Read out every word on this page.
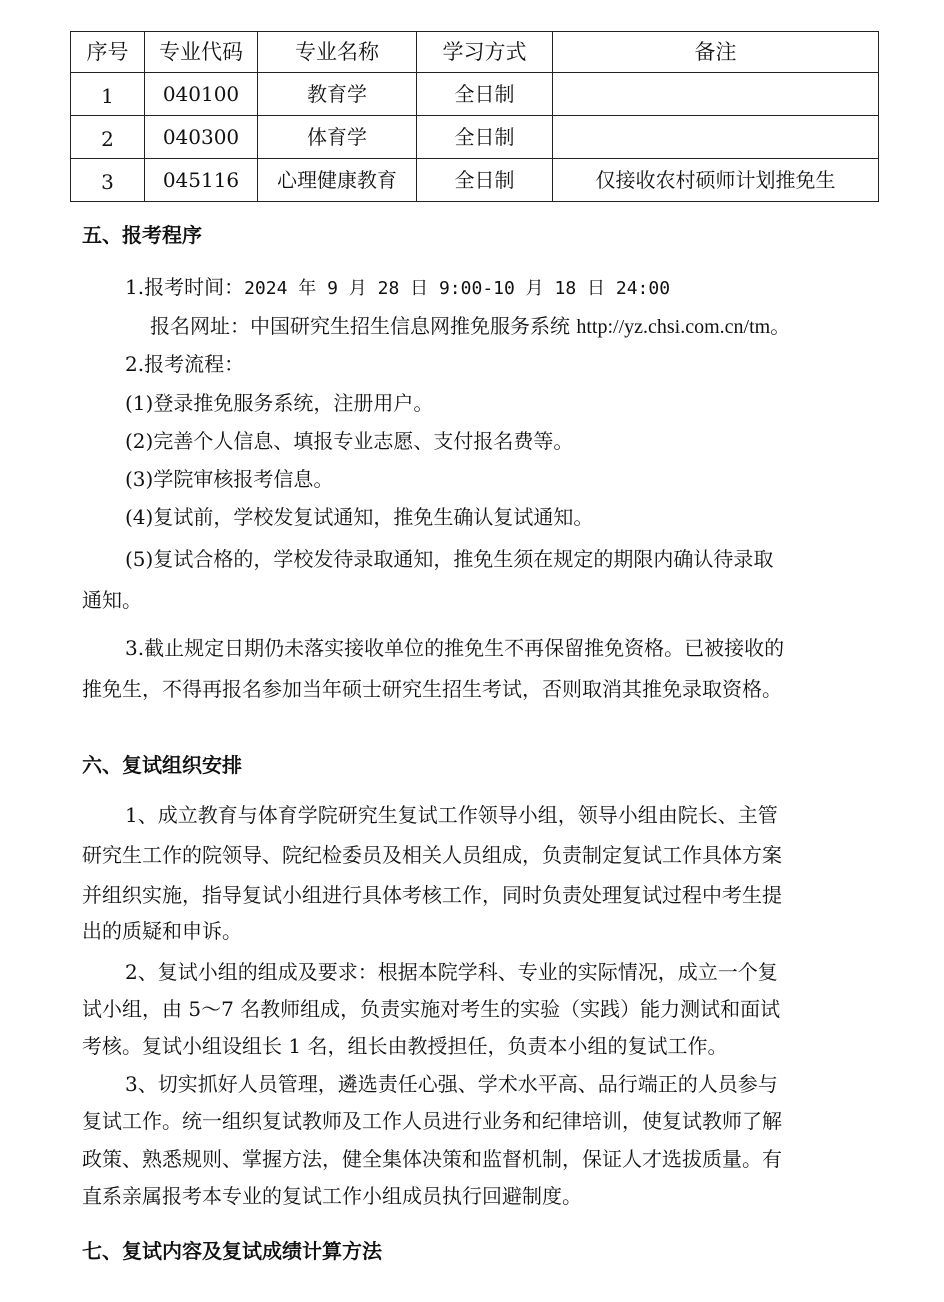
序号	专业代码	专业名称	学习方式	备注
1	040100	教育学	全日制	
2	040300	体育学	全日制	
3	045116	心理健康教育	全日制	仅接收农村硕师计划推免生
五、报考程序
1.报考时间：2024 年 9 月 28 日 9:00-10 月 18 日 24:00
报名网址：中国研究生招生信息网推免服务系统 http://yz.chsi.com.cn/tm。
2.报考流程：
(1)登录推免服务系统，注册用户。
(2)完善个人信息、填报专业志愿、支付报名费等。
(3)学院审核报考信息。
(4)复试前，学校发复试通知，推免生确认复试通知。
(5)复试合格的，学校发待录取通知，推免生须在规定的期限内确认待录取
通知。
3.截止规定日期仍未落实接收单位的推免生不再保留推免资格。已被接收的
推免生，不得再报名参加当年硕士研究生招生考试，否则取消其推免录取资格。
六、复试组织安排
1、成立教育与体育学院研究生复试工作领导小组，领导小组由院长、主管
研究生工作的院领导、院纪检委员及相关人员组成，负责制定复试工作具体方案
并组织实施，指导复试小组进行具体考核工作，同时负责处理复试过程中考生提
出的质疑和申诉。
2、复试小组的组成及要求：根据本院学科、专业的实际情况，成立一个复
试小组，由 5～7 名教师组成，负责实施对考生的实验（实践）能力测试和面试
考核。复试小组设组长 1 名，组长由教授担任，负责本小组的复试工作。
3、切实抓好人员管理，遴选责任心强、学术水平高、品行端正的人员参与
复试工作。统一组织复试教师及工作人员进行业务和纪律培训，使复试教师了解
政策、熟悉规则、掌握方法，健全集体决策和监督机制，保证人才选拔质量。有
直系亲属报考本专业的复试工作小组成员执行回避制度。
七、复试内容及复试成绩计算方法
